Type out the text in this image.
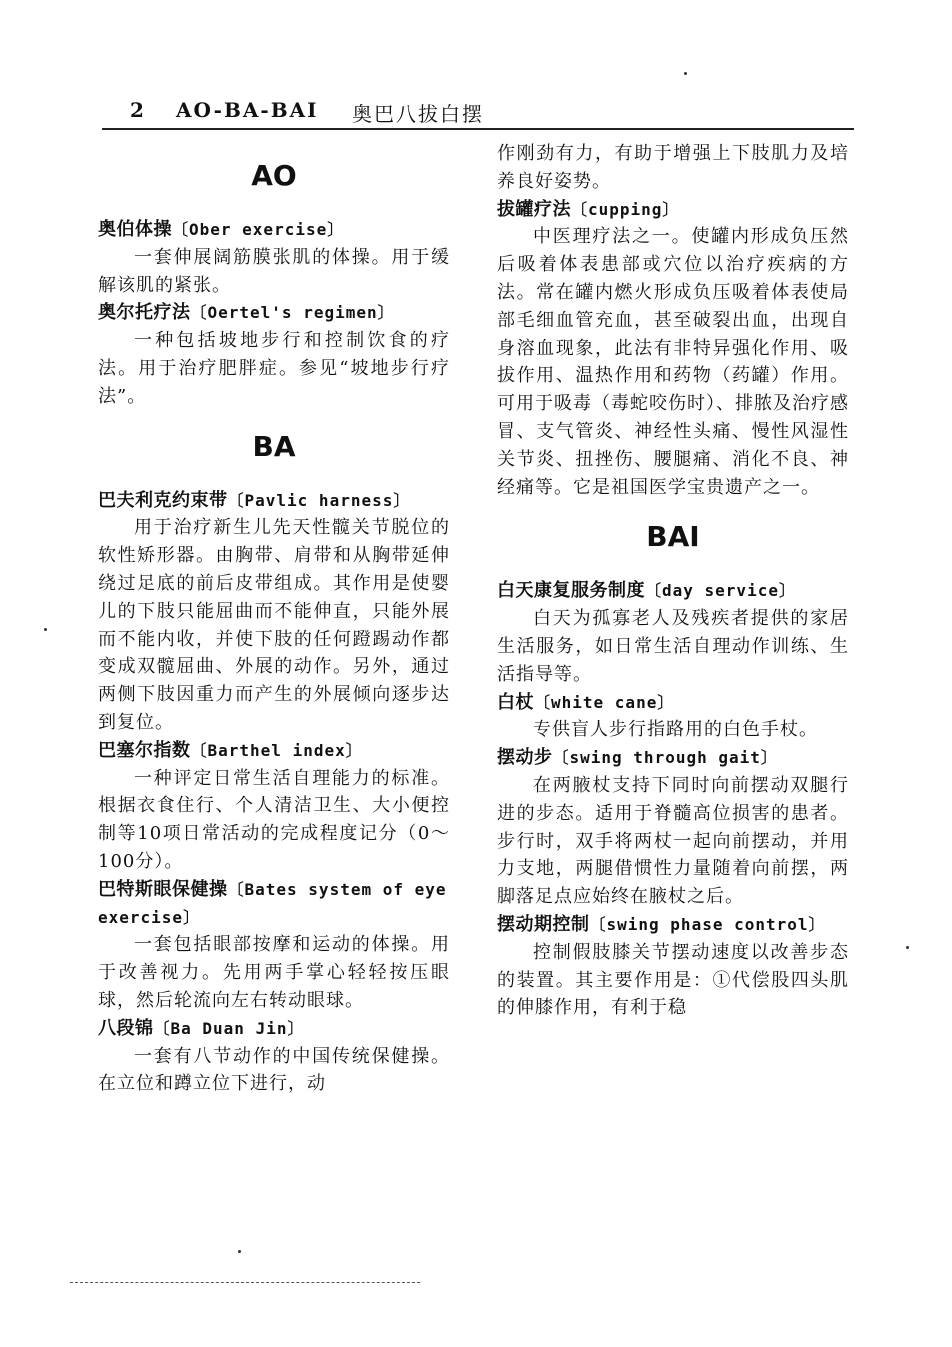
2 AO-BA-BAI 奥巴八拔白摆
AO
奥伯体操〔Ober exercise〕
一套伸展阔筋膜张肌的体操。用于缓解该肌的紧张。
奥尔托疗法〔Oertel's regimen〕
一种包括坡地步行和控制饮食的疗法。用于治疗肥胖症。参见“坡地步行疗法”。
BA
巴夫利克约束带〔Pavlic harness〕
用于治疗新生儿先天性髋关节脱位的软性矫形器。由胸带、肩带和从胸带延伸绕过足底的前后皮带组成。其作用是使婴儿的下肢只能屈曲而不能伸直，只能外展而不能内收，并使下肢的任何蹬踢动作都变成双髋屈曲、外展的动作。另外，通过两侧下肢因重力而产生的外展倾向逐步达到复位。
巴塞尔指数〔Barthel index〕
一种评定日常生活自理能力的标准。根据衣食住行、个人清洁卫生、大小便控制等10项日常活动的完成程度记分（0～100分）。
巴特斯眼保健操〔Bates system of eye exercise〕
一套包括眼部按摩和运动的体操。用于改善视力。先用两手掌心轻轻按压眼球，然后轮流向左右转动眼球。
八段锦〔Ba Duan Jin〕
一套有八节动作的中国传统保健操。在立位和蹲立位下进行，动
作刚劲有力，有助于增强上下肢肌力及培养良好姿势。
拔罐疗法〔cupping〕
中医理疗法之一。使罐内形成负压然后吸着体表患部或穴位以治疗疾病的方法。常在罐内燃火形成负压吸着体表使局部毛细血管充血，甚至破裂出血，出现自身溶血现象，此法有非特异强化作用、吸拔作用、温热作用和药物（药罐）作用。可用于吸毒（毒蛇咬伤时）、排脓及治疗感冒、支气管炎、神经性头痛、慢性风湿性关节炎、扭挫伤、腰腿痛、消化不良、神经痛等。它是祖国医学宝贵遗产之一。
BAI
白天康复服务制度〔day service〕
白天为孤寡老人及残疾者提供的家居生活服务，如日常生活自理动作训练、生活指导等。
白杖〔white cane〕
专供盲人步行指路用的白色手杖。
摆动步〔swing through gait〕
在两腋杖支持下同时向前摆动双腿行进的步态。适用于脊髓高位损害的患者。步行时，双手将两杖一起向前摆动，并用力支地，两腿借惯性力量随着向前摆，两脚落足点应始终在腋杖之后。
摆动期控制〔swing phase control〕
控制假肢膝关节摆动速度以改善步态的装置。其主要作用是：①代偿股四头肌的伸膝作用，有利于稳
